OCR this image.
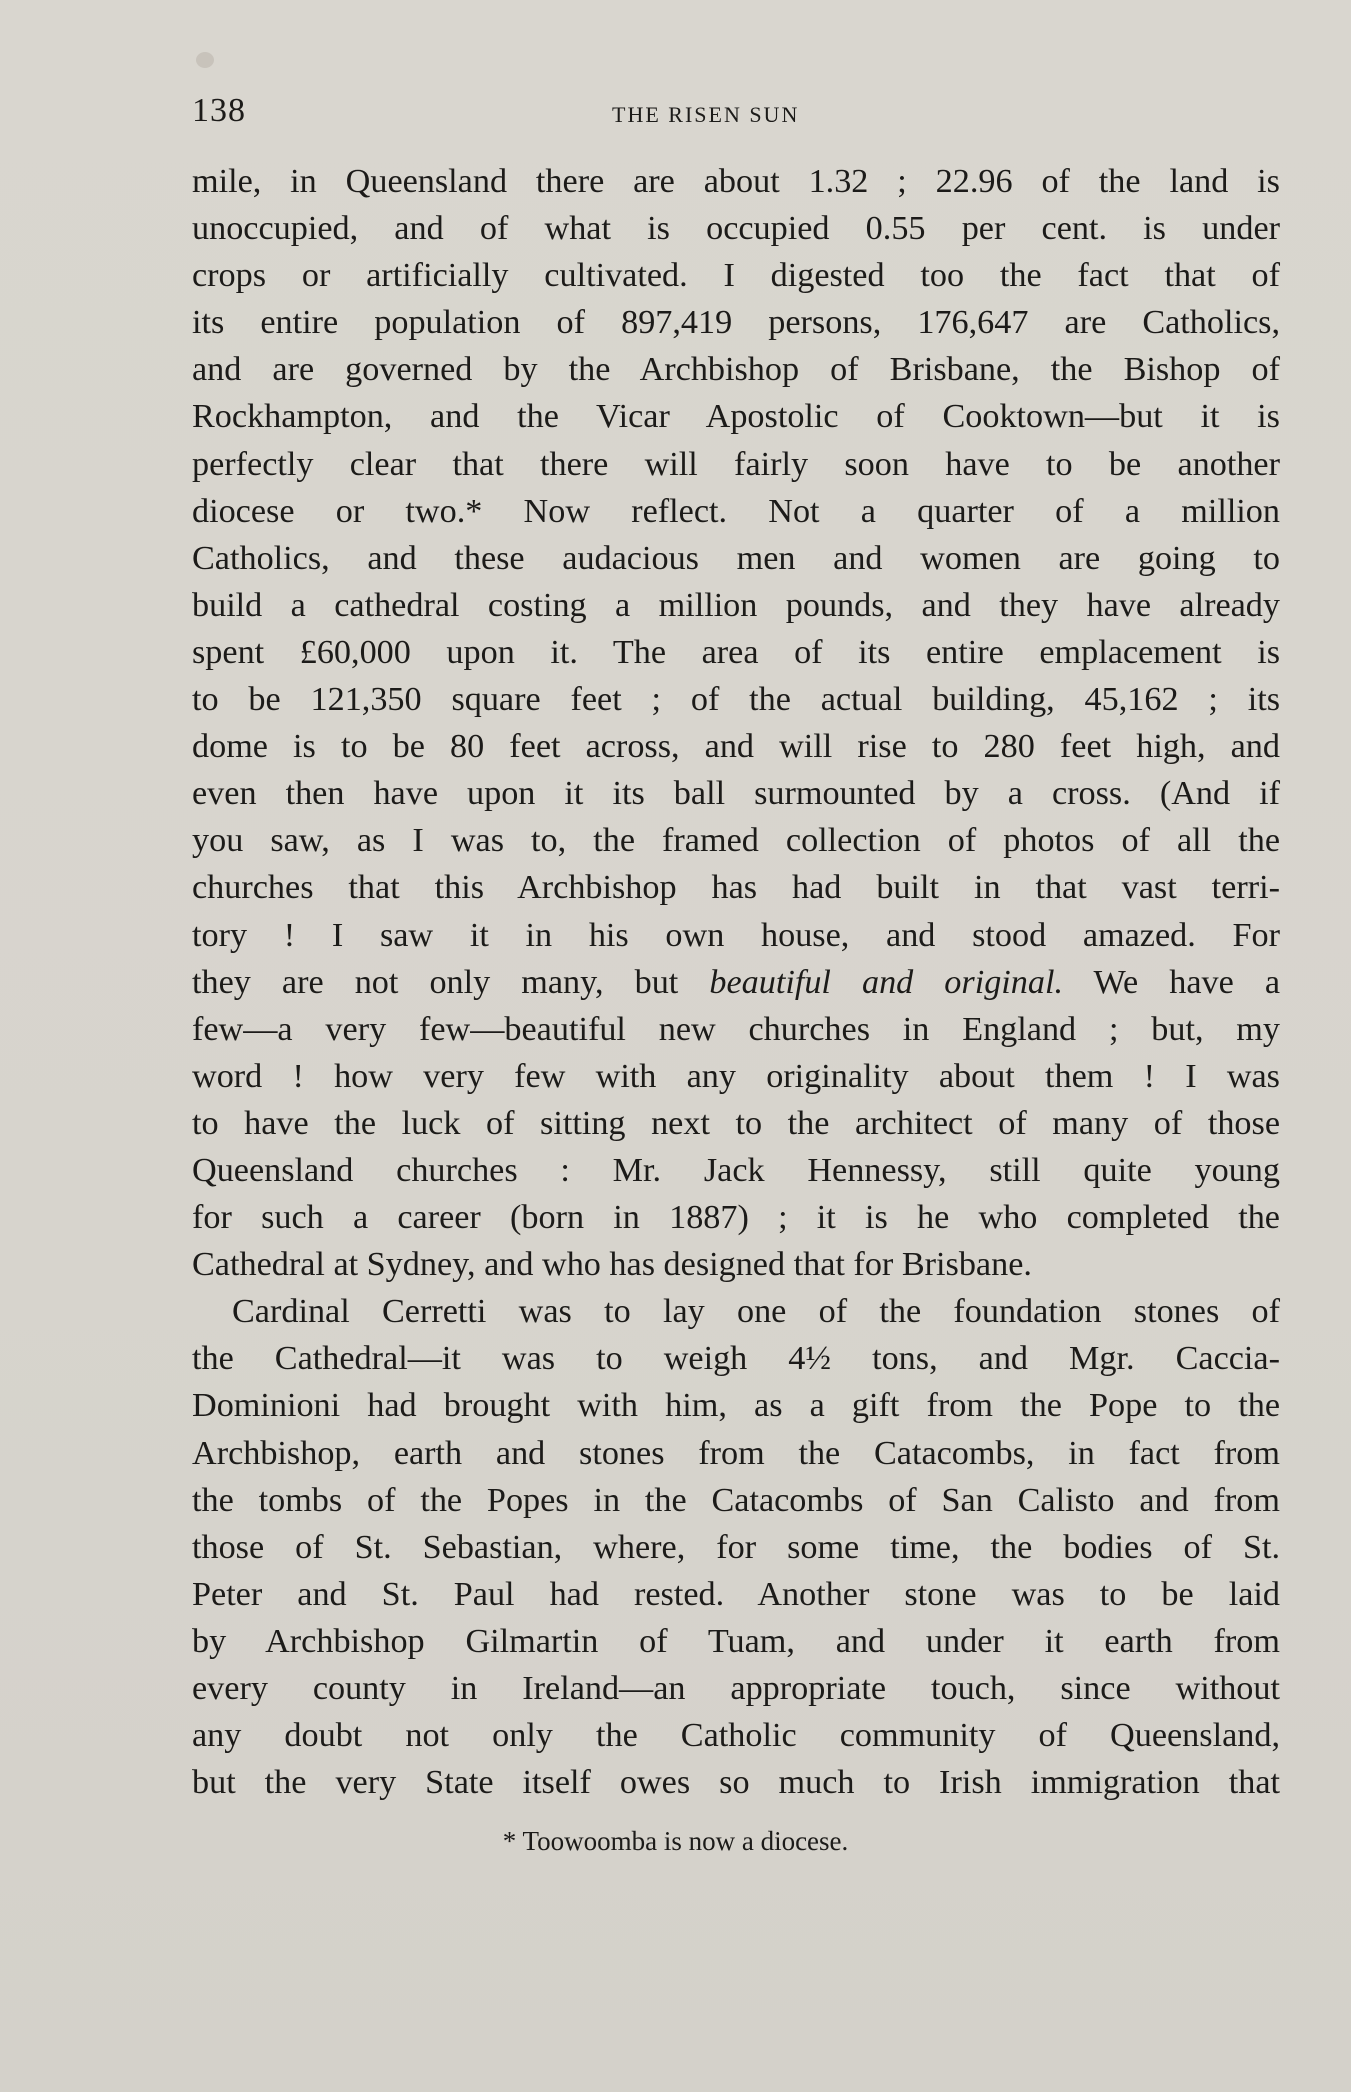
138	THE RISEN SUN
mile, in Queensland there are about 1.32 ; 22.96 of the land is
unoccupied, and of what is occupied 0.55 per cent. is under
crops or artificially cultivated. I digested too the fact that of
its entire population of 897,419 persons, 176,647 are Catholics,
and are governed by the Archbishop of Brisbane, the Bishop of
Rockhampton, and the Vicar Apostolic of Cooktown—but it is
perfectly clear that there will fairly soon have to be another
diocese or two.* Now reflect. Not a quarter of a million
Catholics, and these audacious men and women are going to
build a cathedral costing a million pounds, and they have already
spent £60,000 upon it. The area of its entire emplacement is
to be 121,350 square feet ; of the actual building, 45,162 ; its
dome is to be 80 feet across, and will rise to 280 feet high, and
even then have upon it its ball surmounted by a cross. (And if
you saw, as I was to, the framed collection of photos of all the
churches that this Archbishop has had built in that vast terri-
tory ! I saw it in his own house, and stood amazed. For
they are not only many, but beautiful and original. We have a
few—a very few—beautiful new churches in England ; but, my
word ! how very few with any originality about them ! I was
to have the luck of sitting next to the architect of many of those
Queensland churches : Mr. Jack Hennessy, still quite young
for such a career (born in 1887) ; it is he who completed the
Cathedral at Sydney, and who has designed that for Brisbane.
Cardinal Cerretti was to lay one of the foundation stones of
the Cathedral—it was to weigh 4½ tons, and Mgr. Caccia-
Dominioni had brought with him, as a gift from the Pope to the
Archbishop, earth and stones from the Catacombs, in fact from
the tombs of the Popes in the Catacombs of San Calisto and from
those of St. Sebastian, where, for some time, the bodies of St.
Peter and St. Paul had rested. Another stone was to be laid
by Archbishop Gilmartin of Tuam, and under it earth from
every county in Ireland—an appropriate touch, since without
any doubt not only the Catholic community of Queensland,
but the very State itself owes so much to Irish immigration that
* Toowoomba is now a diocese.
